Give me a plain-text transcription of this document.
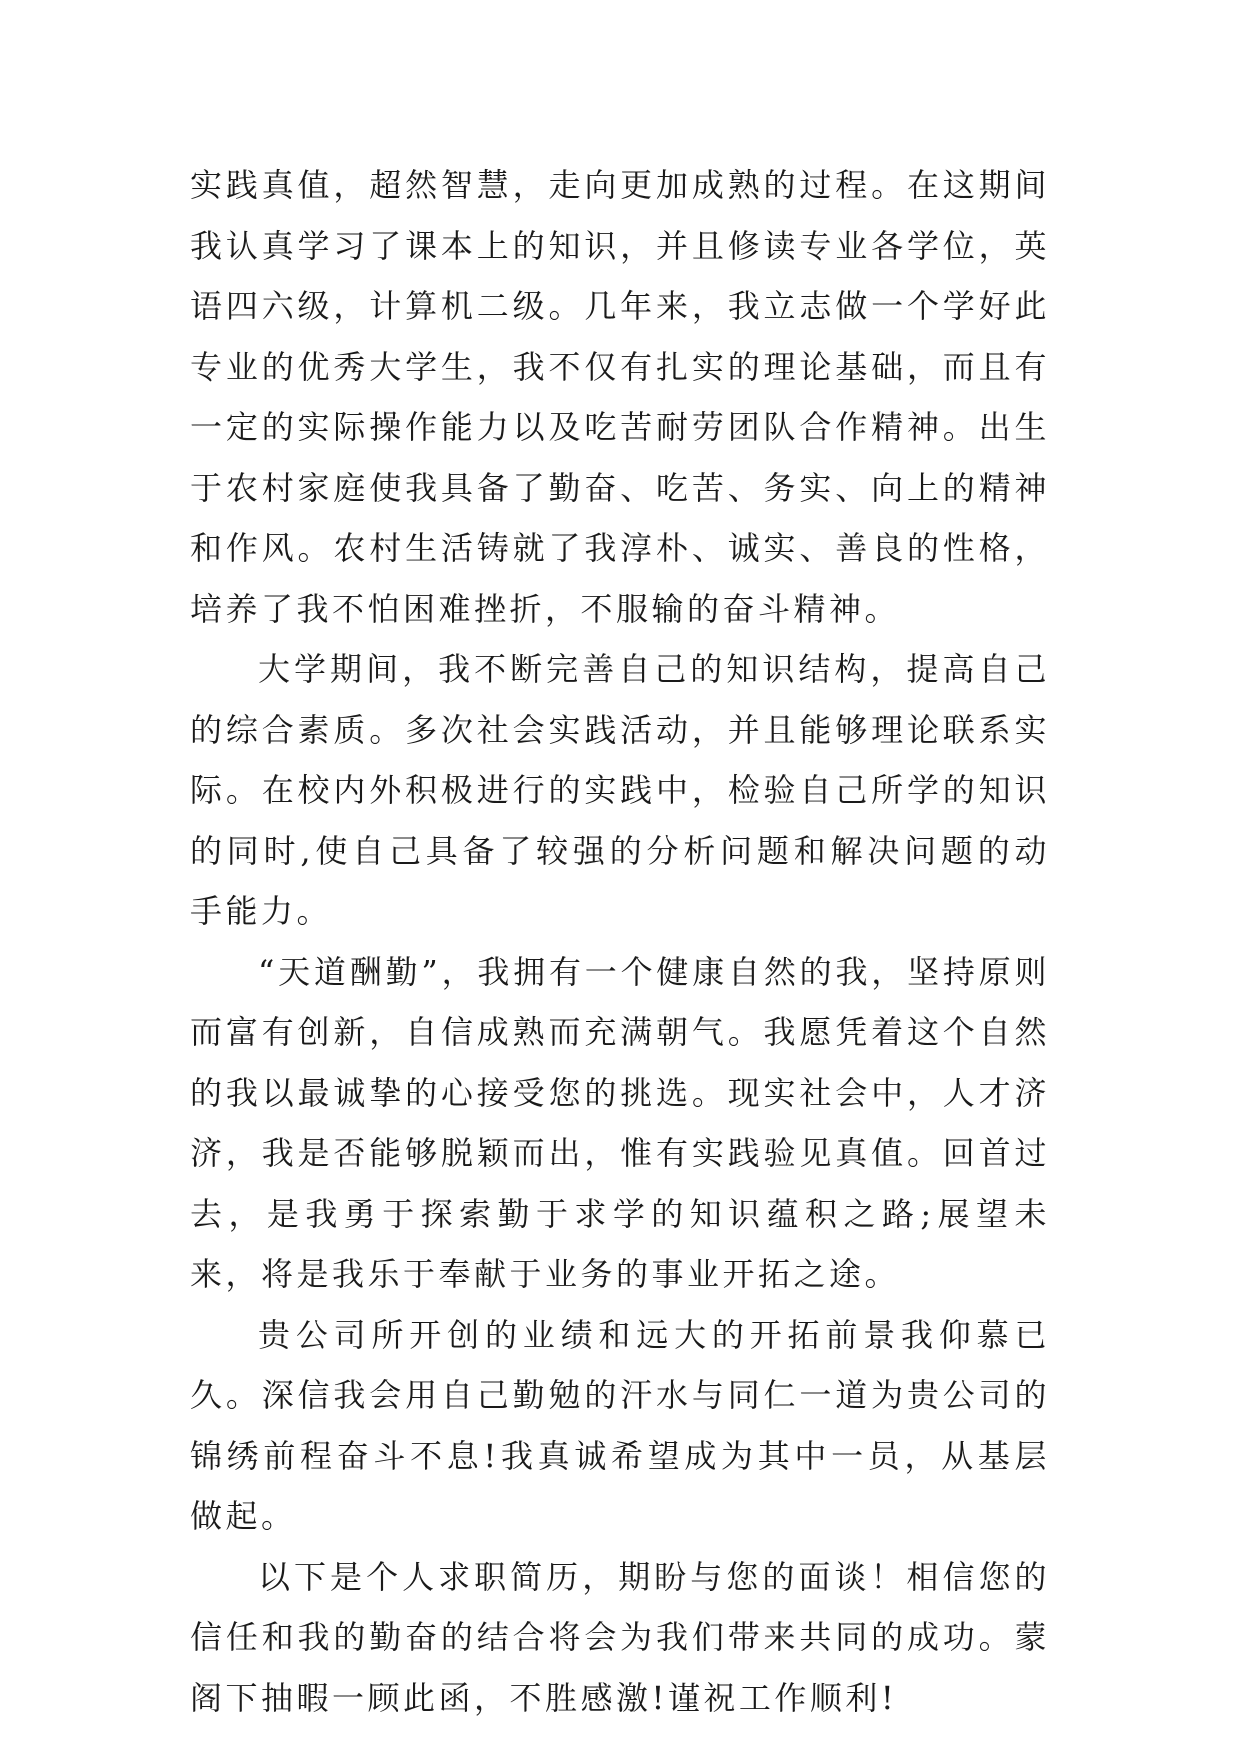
实践真值，超然智慧，走向更加成熟的过程。在这期间我认真学习了课本上的知识，并且修读专业各学位，英语四六级，计算机二级。几年来，我立志做一个学好此专业的优秀大学生，我不仅有扎实的理论基础，而且有一定的实际操作能力以及吃苦耐劳团队合作精神。出生于农村家庭使我具备了勤奋、吃苦、务实、向上的精神和作风。农村生活铸就了我淳朴、诚实、善良的性格，培养了我不怕困难挫折，不服输的奋斗精神。

大学期间，我不断完善自己的知识结构，提高自己的综合素质。多次社会实践活动，并且能够理论联系实际。在校内外积极进行的实践中，检验自己所学的知识的同时,使自己具备了较强的分析问题和解决问题的动手能力。

“天道酬勤”，我拥有一个健康自然的我，坚持原则而富有创新，自信成熟而充满朝气。我愿凭着这个自然的我以最诚挚的心接受您的挑选。现实社会中，人才济济，我是否能够脱颖而出，惟有实践验见真值。回首过去，是我勇于探索勤于求学的知识蕴积之路;展望未来，将是我乐于奉献于业务的事业开拓之途。

贵公司所开创的业绩和远大的开拓前景我仰慕已久。深信我会用自己勤勉的汗水与同仁一道为贵公司的锦绣前程奋斗不息!我真诚希望成为其中一员，从基层做起。

以下是个人求职简历，期盼与您的面谈！相信您的信任和我的勤奋的结合将会为我们带来共同的成功。蒙阁下抽暇一顾此函，不胜感激!谨祝工作顺利!
